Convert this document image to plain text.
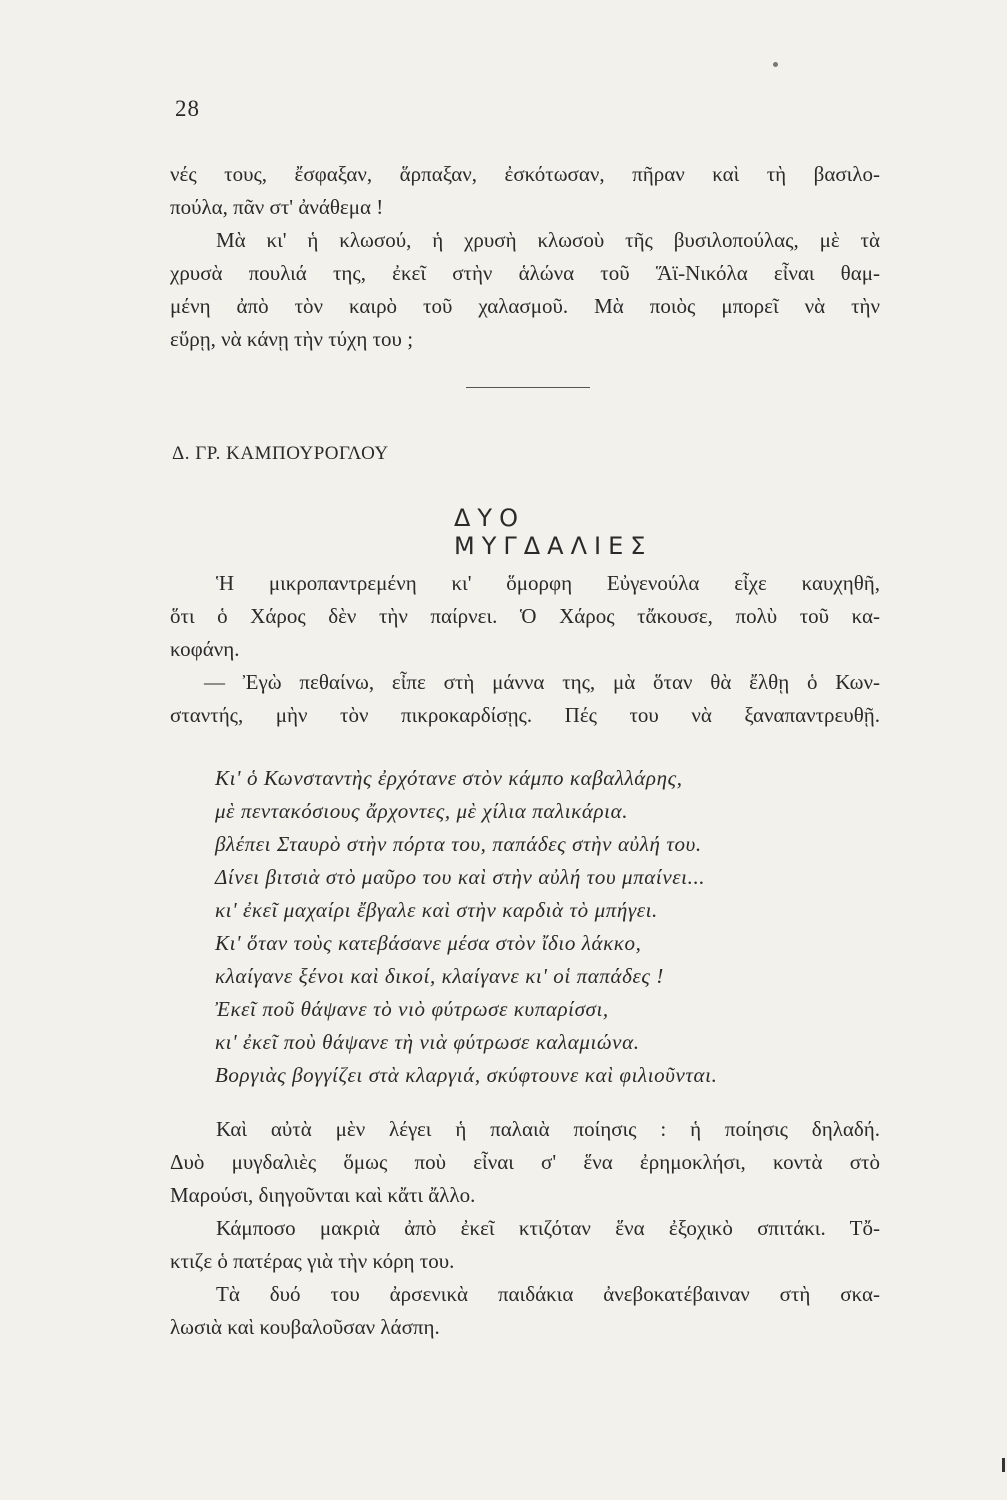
28
νές τους, ἔσφαξαν, ἅρπαξαν, ἐσκότωσαν, πῆραν καὶ τὴ βασιλο-
πούλα, πᾶν στ' ἀνάθεμα !
Μὰ κι' ἡ κλωσού, ἡ χρυσὴ κλωσοὺ τῆς βυσιλοπούλας, μὲ τὰ
χρυσὰ πουλιά της, ἐκεῖ στὴν ἁλώνα τοῦ Ἅϊ-Νικόλα εἶναι θαμ-
μένη ἀπὸ τὸν καιρὸ τοῦ χαλασμοῦ. Μὰ ποιὸς μπορεῖ νὰ τὴν
εὕρῃ, νὰ κάνῃ τὴν τύχη του ;
Δ. ΓΡ. ΚΑΜΠΟΥΡΟΓΛΟΥ
ΔΥΟ ΜΥΓΔΑΛΙΕΣ
Ἡ μικροπαντρεμένη κι' ὅμορφη Εὐγενούλα εἶχε καυχηθῆ,
ὅτι ὁ Χάρος δὲν τὴν παίρνει. Ὁ Χάρος τἄκουσε, πολὺ τοῦ κα-
κοφάνη.
— Ἐγὼ πεθαίνω, εἶπε στὴ μάννα της, μὰ ὅταν θὰ ἔλθῃ ὁ Κων-
σταντής, μὴν τὸν πικροκαρδίσῃς. Πές του νὰ ξαναπαντρευθῇ.
Κι' ὁ Κωνσταντὴς ἐρχότανε στὸν κάμπο καβαλλάρης,
μὲ πεντακόσιους ἄρχοντες, μὲ χίλια παλικάρια.
βλέπει Σταυρὸ στὴν πόρτα του, παπάδες στὴν αὐλή του.
Δίνει βιτσιὰ στὸ μαῦρο του καὶ στὴν αὐλή του μπαίνει...
κι' ἐκεῖ μαχαίρι ἔβγαλε καὶ στὴν καρδιὰ τὸ μπήγει.
Κι' ὅταν τοὺς κατεβάσανε μέσα στὸν ἴδιο λάκκο,
κλαίγανε ξένοι καὶ δικοί, κλαίγανε κι' οἱ παπάδες !
Ἐκεῖ ποῦ θάψανε τὸ νιὸ φύτρωσε κυπαρίσσι,
κι' ἐκεῖ ποὺ θάψανε τὴ νιὰ φύτρωσε καλαμιώνα.
Βοργιὰς βογγίζει στὰ κλαργιά, σκύφτουνε καὶ φιλιοῦνται.
Καὶ αὐτὰ μὲν λέγει ἡ παλαιὰ ποίησις : ἡ ποίησις δηλαδή.
Δυὸ μυγδαλιὲς ὅμως ποὺ εἶναι σ' ἕνα ἐρημοκλήσι, κοντὰ στὸ
Μαρούσι, διηγοῦνται καὶ κἄτι ἄλλο.
Κάμποσο μακριὰ ἀπὸ ἐκεῖ κτιζόταν ἕνα ἐξοχικὸ σπιτάκι. Τὄ-
κτιζε ὁ πατέρας γιὰ τὴν κόρη του.
Τὰ δυό του ἀρσενικὰ παιδάκια ἀνεβοκατέβαιναν στὴ σκα-
λωσιὰ καὶ κουβαλοῦσαν λάσπη.
